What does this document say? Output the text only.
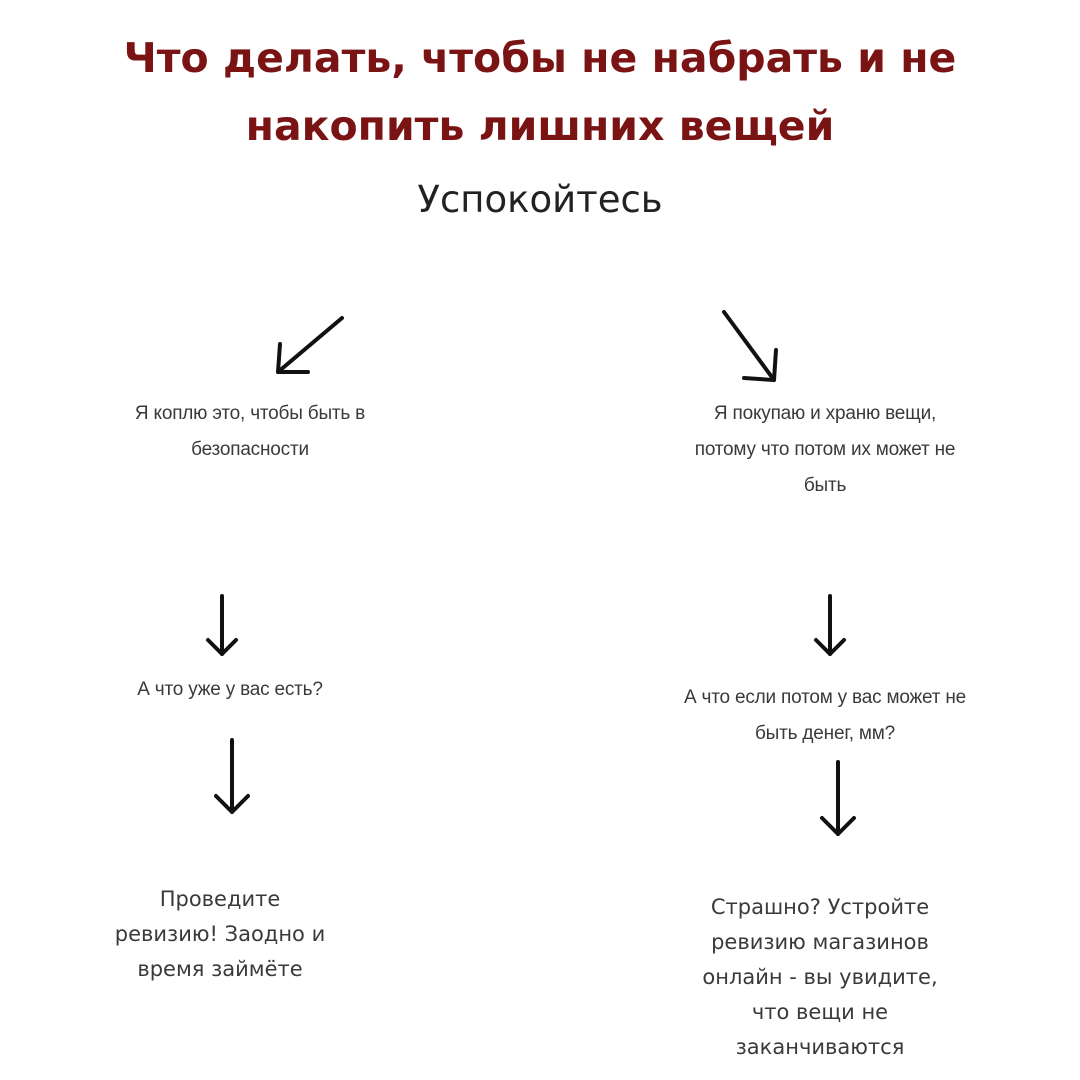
Что делать, чтобы не набрать и не
накопить лишних вещей
Успокойтесь
Я коплю это, чтобы быть в
безопасности
Я покупаю и храню вещи,
потому что потом их может не
быть
А что уже у вас есть?	А что если потом у вас может не
быть денег, мм?
Проведите
ревизию! Заодно и
время займёте
Страшно? Устройте
ревизию магазинов
онлайн - вы увидите,
что вещи не
заканчиваются
